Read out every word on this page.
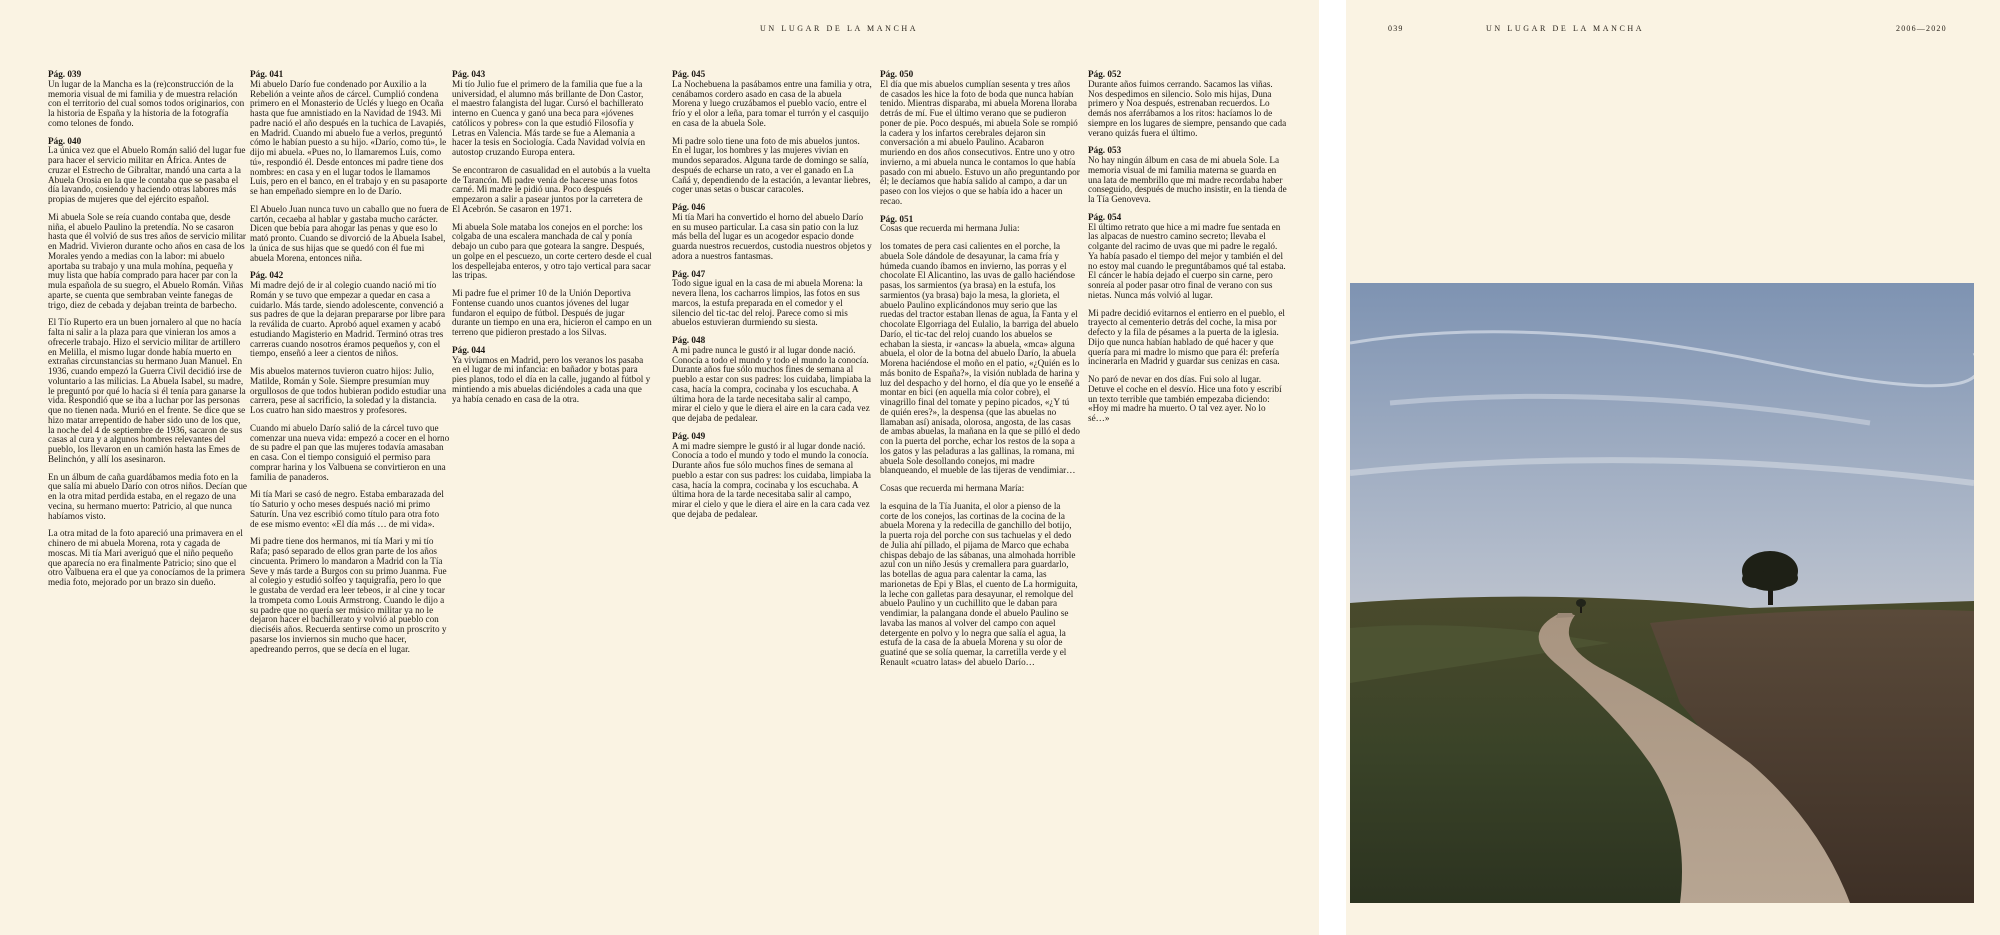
UN LUGAR DE LA MANCHA
Pág. 039
Un lugar de la Mancha es la (re)construcción de la memoria visual de mi familia y de muestra relación con el territorio del cual somos todos originarios, con la historia de España y la historia de la fotografía como telones de fondo.
Pág. 040
La única vez que el Abuelo Román salió del lugar fue para hacer el servicio militar en África. Antes de cruzar el Estrecho de Gibraltar, mandó una carta a la Abuela Orosia en la que le contaba que se pasaba el día lavando, cosiendo y haciendo otras labores más propias de mujeres que del ejército español.
Mi abuela Sole se reía cuando contaba que, desde niña, el abuelo Paulino la pretendía. No se casaron hasta que él volvió de sus tres años de servicio militar en Madrid. Vivieron durante ocho años en casa de los Morales yendo a medias con la labor: mi abuelo aportaba su trabajo y una mula mohína, pequeña y muy lista que había comprado para hacer par con la mula española de su suegro, el Abuelo Román. Viñas aparte, se cuenta que sembraban veinte fanegas de trigo, diez de cebada y dejaban treinta de barbecho.
El Tío Ruperto era un buen jornalero al que no hacía falta ni salir a la plaza para que vinieran los amos a ofrecerle trabajo. Hizo el servicio militar de artillero en Melilla, el mismo lugar donde había muerto en extrañas circunstancias su hermano Juan Manuel. En 1936, cuando empezó la Guerra Civil decidió irse de voluntario a las milicias. La Abuela Isabel, su madre, le preguntó por qué lo hacía si él tenía para ganarse la vida. Respondió que se iba a luchar por las personas que no tienen nada. Murió en el frente. Se dice que se hizo matar arrepentido de haber sido uno de los que, la noche del 4 de septiembre de 1936, sacaron de sus casas al cura y a algunos hombres relevantes del pueblo, los llevaron en un camión hasta las Emes de Belinchón, y allí los asesinaron.
En un álbum de caña guardábamos media foto en la que salía mi abuelo Darío con otros niños. Decían que en la otra mitad perdida estaba, en el regazo de una vecina, su hermano muerto: Patricio, al que nunca habíamos visto.
La otra mitad de la foto apareció una primavera en el chinero de mi abuela Morena, rota y cagada de moscas. Mi tía Mari averiguó que el niño pequeño que aparecía no era finalmente Patricio; sino que el otro Valbuena era el que ya conocíamos de la primera media foto, mejorado por un brazo sin dueño.
Pág. 041
Mi abuelo Darío fue condenado por Auxilio a la Rebelión a veinte años de cárcel. Cumplió condena primero en el Monasterio de Uclés y luego en Ocaña hasta que fue amnistiado en la Navidad de 1943. Mi padre nació el año después en la tuchica de Lavapiés, en Madrid. Cuando mi abuelo fue a verlos, preguntó cómo le habían puesto a su hijo. «Darío, como tú», le dijo mi abuela. «Pues no, lo llamaremos Luis, como tú», respondió él. Desde entonces mi padre tiene dos nombres: en casa y en el lugar todos le llamamos Luis, pero en el banco, en el trabajo y en su pasaporte se han empeñado siempre en lo de Darío.
El Abuelo Juan nunca tuvo un caballo que no fuera de cartón, cecaeba al hablar y gastaba mucho carácter. Dicen que bebía para ahogar las penas y que eso lo mató pronto. Cuando se divorció de la Abuela Isabel, la única de sus hijas que se quedó con él fue mi abuela Morena, entonces niña.
Pág. 042
Mi madre dejó de ir al colegio cuando nació mi tío Román y se tuvo que empezar a quedar en casa a cuidarlo. Más tarde, siendo adolescente, convenció a sus padres de que la dejaran prepararse por libre para la reválida de cuarto. Aprobó aquel examen y acabó estudiando Magisterio en Madrid. Terminó otras tres carreras cuando nosotros éramos pequeños y, con el tiempo, enseñó a leer a cientos de niños.
Mis abuelos maternos tuvieron cuatro hijos: Julio, Matilde, Román y Sole. Siempre presumían muy orgullosos de que todos hubieran podido estudiar una carrera, pese al sacrificio, la soledad y la distancia. Los cuatro han sido maestros y profesores.
Cuando mi abuelo Darío salió de la cárcel tuvo que comenzar una nueva vida: empezó a cocer en el horno de su padre el pan que las mujeres todavía amasaban en casa. Con el tiempo consiguió el permiso para comprar harina y los Valbuena se convirtieron en una familia de panaderos.
Mi tía Mari se casó de negro. Estaba embarazada del tío Saturio y ocho meses después nació mi primo Saturín. Una vez escribió como título para otra foto de ese mismo evento: «El día más … de mi vida».
Mi padre tiene dos hermanos, mi tía Mari y mi tío Rafa; pasó separado de ellos gran parte de los años cincuenta. Primero lo mandaron a Madrid con la Tía Seve y más tarde a Burgos con su primo Juanma. Fue al colegio y estudió solfeo y taquigrafía, pero lo que le gustaba de verdad era leer tebeos, ir al cine y tocar la trompeta como Louis Armstrong. Cuando le dijo a su padre que no quería ser músico militar ya no le dejaron hacer el bachillerato y volvió al pueblo con dieciséis años. Recuerda sentirse como un proscrito y pasarse los inviernos sin mucho que hacer, apedreando perros, que se decía en el lugar.
Pág. 043
Mi tío Julio fue el primero de la familia que fue a la universidad, el alumno más brillante de Don Castor, el maestro falangista del lugar. Cursó el bachillerato interno en Cuenca y ganó una beca para «jóvenes católicos y pobres» con la que estudió Filosofía y Letras en Valencia. Más tarde se fue a Alemania a hacer la tesis en Sociología. Cada Navidad volvía en autostop cruzando Europa entera.
Se encontraron de casualidad en el autobús a la vuelta de Tarancón. Mi padre venía de hacerse unas fotos carné. Mi madre le pidió una. Poco después empezaron a salir a pasear juntos por la carretera de El Acebrón. Se casaron en 1971.
Mi abuela Sole mataba los conejos en el porche: los colgaba de una escalera manchada de cal y ponía debajo un cubo para que goteara la sangre. Después, un golpe en el pescuezo, un corte certero desde el cual los despellejaba enteros, y otro tajo vertical para sacar las tripas.
Mi padre fue el primer 10 de la Unión Deportiva Fontense cuando unos cuantos jóvenes del lugar fundaron el equipo de fútbol. Después de jugar durante un tiempo en una era, hicieron el campo en un terreno que pidieron prestado a los Silvas.
Pág. 044
Ya vivíamos en Madrid, pero los veranos los pasaba en el lugar de mi infancia: en bañador y botas para pies planos, todo el día en la calle, jugando al fútbol y mintiendo a mis abuelas diciéndoles a cada una que ya había cenado en casa de la otra.
Pág. 045
La Nochebuena la pasábamos entre una familia y otra, cenábamos cordero asado en casa de la abuela Morena y luego cruzábamos el pueblo vacío, entre el frío y el olor a leña, para tomar el turrón y el casquijo en casa de la abuela Sole.
Mi padre solo tiene una foto de mis abuelos juntos. En el lugar, los hombres y las mujeres vivían en mundos separados. Alguna tarde de domingo se salía, después de echarse un rato, a ver el ganado en La Cañá y, dependiendo de la estación, a levantar liebres, coger unas setas o buscar caracoles.
Pág. 046
Mi tía Mari ha convertido el horno del abuelo Darío en su museo particular. La casa sin patio con la luz más bella del lugar es un acogedor espacio donde guarda nuestros recuerdos, custodia nuestros objetos y adora a nuestros fantasmas.
Pág. 047
Todo sigue igual en la casa de mi abuela Morena: la nevera llena, los cacharros limpios, las fotos en sus marcos, la estufa preparada en el comedor y el silencio del tic-tac del reloj. Parece como si mis abuelos estuvieran durmiendo su siesta.
Pág. 048
A mi padre nunca le gustó ir al lugar donde nació. Conocía a todo el mundo y todo el mundo la conocía. Durante años fue sólo muchos fines de semana al pueblo a estar con sus padres: los cuidaba, limpiaba la casa, hacía la compra, cocinaba y los escuchaba. A última hora de la tarde necesitaba salir al campo, mirar el cielo y que le diera el aire en la cara cada vez que dejaba de pedalear.
Pág. 049
A mi madre siempre le gustó ir al lugar donde nació. Conocía a todo el mundo y todo el mundo la conocía. Durante años fue sólo muchos fines de semana al pueblo a estar con sus padres: los cuidaba, limpiaba la casa, hacía la compra, cocinaba y los escuchaba. A última hora de la tarde necesitaba salir al campo, mirar el cielo y que le diera el aire en la cara cada vez que dejaba de pedalear.
Pág. 050
El día que mis abuelos cumplían sesenta y tres años de casados les hice la foto de boda que nunca habían tenido. Mientras disparaba, mi abuela Morena lloraba detrás de mí. Fue el último verano que se pudieron poner de pie. Poco después, mi abuela Sole se rompió la cadera y los infartos cerebrales dejaron sin conversación a mi abuelo Paulino. Acabaron muriendo en dos años consecutivos. Entre uno y otro invierno, a mi abuela nunca le contamos lo que había pasado con mi abuelo. Estuvo un año preguntando por él; le decíamos que había salido al campo, a dar un paseo con los viejos o que se había ido a hacer un recao.
Pág. 051
Cosas que recuerda mi hermana Julia:
los tomates de pera casi calientes en el porche, la abuela Sole dándole de desayunar, la cama fría y húmeda cuando íbamos en invierno, las porras y el chocolate El Alicantino, las uvas de gallo haciéndose pasas, los sarmientos (ya brasa) en la estufa, los sarmientos (ya brasa) bajo la mesa, la glorieta, el abuelo Paulino explicándonos muy serio que las ruedas del tractor estaban llenas de agua, la Fanta y el chocolate Elgorriaga del Eulalio, la barriga del abuelo Darío, el tic-tac del reloj cuando los abuelos se echaban la siesta, ir «ancas» la abuela, «mca» alguna abuela, el olor de la botna del abuelo Darío, la abuela Morena haciéndose el moño en el patio, «¿Quién es lo más bonito de España?», la visión nublada de harina y luz del despacho y del horno, el día que yo le enseñé a montar en bici (en aquella mía color cobre), el vinagrillo final del tomate y pepino picados, «¿Y tú de quién eres?», la despensa (que las abuelas no llamaban así) anisada, olorosa, angosta, de las casas de ambas abuelas, la mañana en la que se pilló el dedo con la puerta del porche, echar los restos de la sopa a los gatos y las peladuras a las gallinas, la romana, mi abuela Sole desollando conejos, mi madre blanqueando, el mueble de las tijeras de vendimiar…
Cosas que recuerda mi hermana María:
la esquina de la Tía Juanita, el olor a pienso de la corte de los conejos, las cortinas de la cocina de la abuela Morena y la redecilla de ganchillo del botijo, la puerta roja del porche con sus tachuelas y el dedo de Julia ahí pillado, el pijama de Marco que echaba chispas debajo de las sábanas, una almohada horrible azul con un niño Jesús y cremallera para guardarlo, las botellas de agua para calentar la cama, las marionetas de Epi y Blas, el cuento de La hormiguita, la leche con galletas para desayunar, el remolque del abuelo Paulino y un cuchillito que le daban para vendimiar, la palangana donde el abuelo Paulino se lavaba las manos al volver del campo con aquel detergente en polvo y lo negra que salía el agua, la estufa de la casa de la abuela Morena y su olor de guatiné que se solía quemar, la carretilla verde y el Renault «cuatro latas» del abuelo Darío…
Pág. 052
Durante años fuimos cerrando. Sacamos las viñas. Nos despedimos en silencio. Solo mis hijas, Duna primero y Noa después, estrenaban recuerdos. Lo demás nos aferrábamos a los ritos: hacíamos lo de siempre en los lugares de siempre, pensando que cada verano quizás fuera el último.
Pág. 053
No hay ningún álbum en casa de mi abuela Sole. La memoria visual de mi familia materna se guarda en una lata de membrillo que mi madre recordaba haber conseguido, después de mucho insistir, en la tienda de la Tía Genoveva.
Pág. 054
El último retrato que hice a mi madre fue sentada en las alpacas de nuestro camino secreto; llevaba el colgante del racimo de uvas que mi padre le regaló. Ya había pasado el tiempo del mejor y también el del no estoy mal cuando le preguntábamos qué tal estaba. El cáncer le había dejado el cuerpo sin carne, pero sonreía al poder pasar otro final de verano con sus nietas. Nunca más volvió al lugar.
Mi padre decidió evitarnos el entierro en el pueblo, el trayecto al cementerio detrás del coche, la misa por defecto y la fila de pésames a la puerta de la iglesia. Dijo que nunca habían hablado de qué hacer y que quería para mi madre lo mismo que para él: prefería incinerarla en Madrid y guardar sus cenizas en casa.
No paró de nevar en dos días. Fui solo al lugar. Detuve el coche en el desvío. Hice una foto y escribí un texto terrible que también empezaba diciendo: «Hoy mi madre ha muerto. O tal vez ayer. No lo sé…»
039	UN LUGAR DE LA MANCHA	2006—2020
